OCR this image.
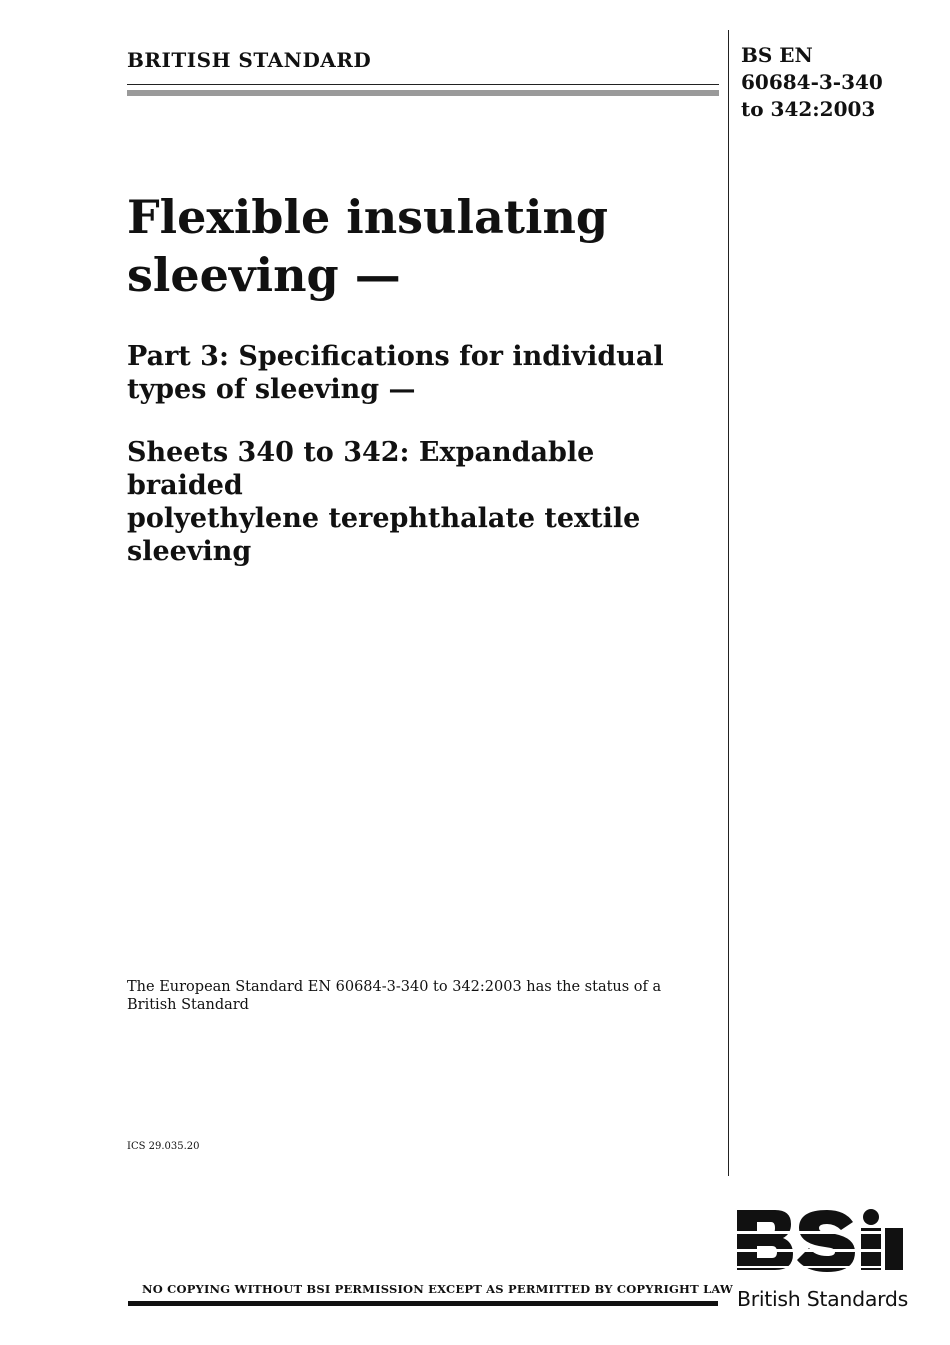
BRITISH STANDARD	BS EN
60684-3-340
to 342:2003
Flexible insulating
sleeving —
Part 3: Specifications for individual
types of sleeving —
Sheets 340 to 342: Expandable braided
polyethylene terephthalate textile
sleeving
The European Standard EN 60684-3-340 to 342:2003 has the status of a
British Standard
ICS 29.035.20
NO COPYING WITHOUT BSI PERMISSION EXCEPT AS PERMITTED BY COPYRIGHT LAW British Standards
